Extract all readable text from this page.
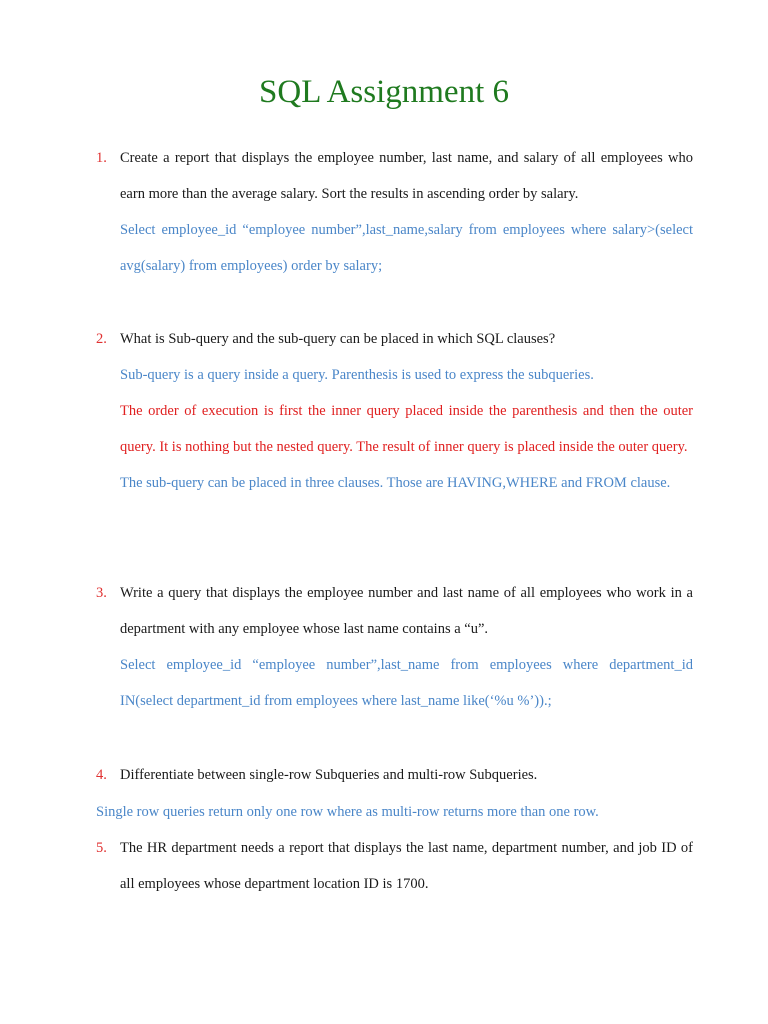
SQL Assignment 6
1. Create a report that displays the employee number, last name, and salary of all employees who earn more than the average salary. Sort the results in ascending order by salary.
Select employee_id “employee number”,last_name,salary from employees where salary>(select avg(salary) from employees) order by salary;
2. What is Sub-query and the sub-query can be placed in which SQL clauses?
Sub-query is a query inside a query. Parenthesis is used to express the subqueries.
The order of execution is first the inner query placed inside the parenthesis and then the outer query. It is nothing but the nested query. The result of inner query is placed inside the outer query.
The sub-query can be placed in three clauses. Those are HAVING,WHERE and FROM clause.
3. Write a query that displays the employee number and last name of all employees who work in a department with any employee whose last name contains a “u”.
Select employee_id “employee number”,last_name from employees where department_id IN(select department_id from employees where last_name like(‘%u %’)).;
4. Differentiate between single-row Subqueries and multi-row Subqueries.
Single row queries return only one row where as multi-row returns more than one row.
5. The HR department needs a report that displays the last name, department number, and job ID of all employees whose department location ID is 1700.
